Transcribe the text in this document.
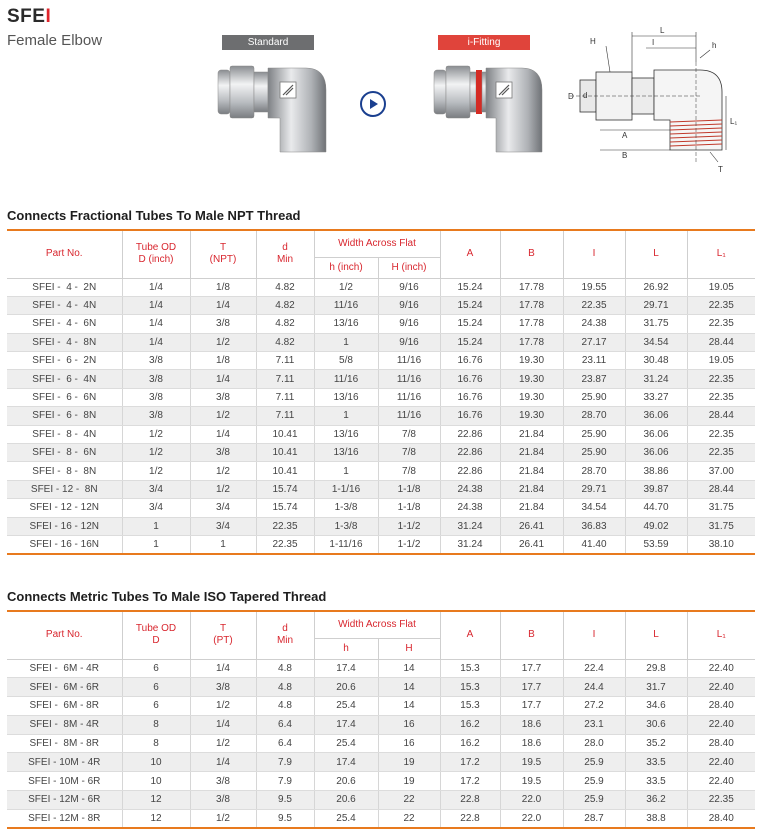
SFEI
Female Elbow	Standard	i-Fitting	H
L
I	h
D d
L₁
A
B
T
Connects Fractional Tubes To Male NPT Thread
Part No.	Tube OD
D (inch)	T
(NPT)	d
Min	Width Across Flat		A	B	I	L	L₁
				h (inch)	H (inch)					
SFEI -  4 -  2N	1/4	1/8	4.82	1/2	9/16	15.24	17.78	19.55	26.92	19.05
SFEI -  4 -  4N	1/4	1/4	4.82	11/16	9/16	15.24	17.78	22.35	29.71	22.35
SFEI -  4 -  6N	1/4	3/8	4.82	13/16	9/16	15.24	17.78	24.38	31.75	22.35
SFEI -  4 -  8N	1/4	1/2	4.82	1	9/16	15.24	17.78	27.17	34.54	28.44
SFEI -  6 -  2N	3/8	1/8	7.11	5/8	11/16	16.76	19.30	23.11	30.48	19.05
SFEI -  6 -  4N	3/8	1/4	7.11	11/16	11/16	16.76	19.30	23.87	31.24	22.35
SFEI -  6 -  6N	3/8	3/8	7.11	13/16	11/16	16.76	19.30	25.90	33.27	22.35
SFEI -  6 -  8N	3/8	1/2	7.11	1	11/16	16.76	19.30	28.70	36.06	28.44
SFEI -  8 -  4N	1/2	1/4	10.41	13/16	7/8	22.86	21.84	25.90	36.06	22.35
SFEI -  8 -  6N	1/2	3/8	10.41	13/16	7/8	22.86	21.84	25.90	36.06	22.35
SFEI -  8 -  8N	1/2	1/2	10.41	1	7/8	22.86	21.84	28.70	38.86	37.00
SFEI - 12 -  8N	3/4	1/2	15.74	1-1/16	1-1/8	24.38	21.84	29.71	39.87	28.44
SFEI - 12 - 12N	3/4	3/4	15.74	1-3/8	1-1/8	24.38	21.84	34.54	44.70	31.75
SFEI - 16 - 12N	1	3/4	22.35	1-3/8	1-1/2	31.24	26.41	36.83	49.02	31.75
SFEI - 16 - 16N	1	1	22.35	1-11/16	1-1/2	31.24	26.41	41.40	53.59	38.10
Connects Metric Tubes To Male ISO Tapered Thread
Part No.	Tube OD
D	T
(PT)	d
Min	Width Across Flat		A	B	I	L	L₁
				h	H					
SFEI -  6M - 4R	6	1/4	4.8	17.4	14	15.3	17.7	22.4	29.8	22.40
SFEI -  6M - 6R	6	3/8	4.8	20.6	14	15.3	17.7	24.4	31.7	22.40
SFEI -  6M - 8R	6	1/2	4.8	25.4	14	15.3	17.7	27.2	34.6	28.40
SFEI -  8M - 4R	8	1/4	6.4	17.4	16	16.2	18.6	23.1	30.6	22.40
SFEI -  8M - 8R	8	1/2	6.4	25.4	16	16.2	18.6	28.0	35.2	28.40
SFEI - 10M - 4R	10	1/4	7.9	17.4	19	17.2	19.5	25.9	33.5	22.40
SFEI - 10M - 6R	10	3/8	7.9	20.6	19	17.2	19.5	25.9	33.5	22.40
SFEI - 12M - 6R	12	3/8	9.5	20.6	22	22.8	22.0	25.9	36.2	22.35
SFEI - 12M - 8R	12	1/2	9.5	25.4	22	22.8	22.0	28.7	38.8	28.40
